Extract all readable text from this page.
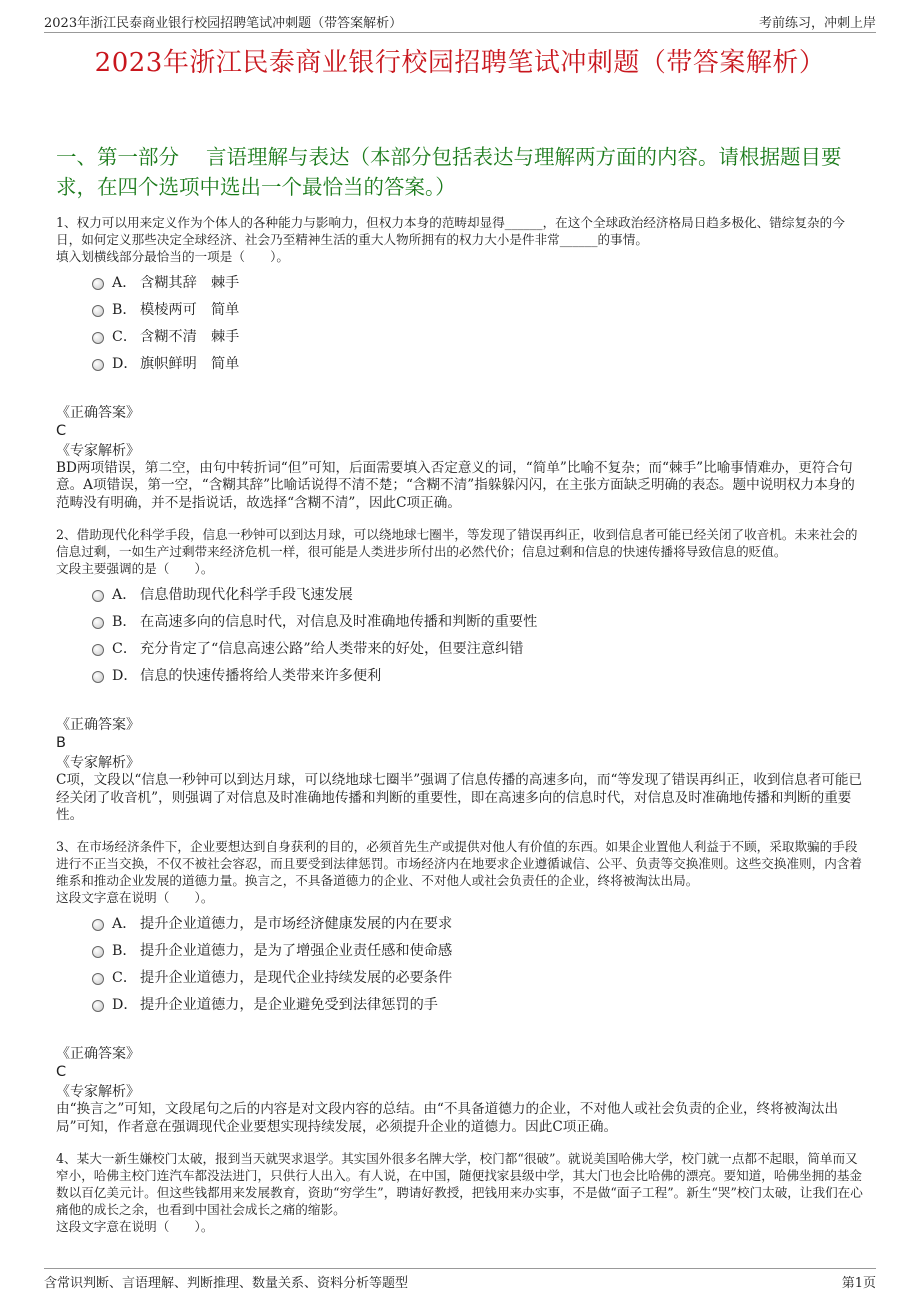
2023年浙江民泰商业银行校园招聘笔试冲刺题（带答案解析）	考前练习，冲刺上岸
2023年浙江民泰商业银行校园招聘笔试冲刺题（带答案解析）
一、第一部分　 言语理解与表达（本部分包括表达与理解两方面的内容。请根据题目要求，在四个选项中选出一个最恰当的答案。）

1、权力可以用来定义作为个体人的各种能力与影响力，但权力本身的范畴却显得______，在这个全球政治经济格局日趋多极化、错综复杂的今日，如何定义那些决定全球经济、社会乃至精神生活的重大人物所拥有的权力大小是件非常______的事情。

填入划横线部分最恰当的一项是（　　）。

A． 含糊其辞　棘手
B． 模棱两可　简单
C． 含糊不清　棘手
D． 旗帜鲜明　简单

《正确答案》

C

《专家解析》

BD两项错误，第二空，由句中转折词“但”可知，后面需要填入否定意义的词，“简单”比喻不复杂；而“棘手”比喻事情难办，更符合句意。A项错误，第一空，“含糊其辞”比喻话说得不清不楚；“含糊不清”指躲躲闪闪，在主张方面缺乏明确的表态。题中说明权力本身的范畴没有明确，并不是指说话，故选择“含糊不清”，因此C项正确。

2、借助现代化科学手段，信息一秒钟可以到达月球，可以绕地球七圈半，等发现了错误再纠正，收到信息者可能已经关闭了收音机。未来社会的信息过剩，一如生产过剩带来经济危机一样，很可能是人类进步所付出的必然代价；信息过剩和信息的快速传播将导致信息的贬值。

文段主要强调的是（　　）。

A． 信息借助现代化科学手段飞速发展
B． 在高速多向的信息时代，对信息及时准确地传播和判断的重要性
C． 充分肯定了“信息高速公路”给人类带来的好处，但要注意纠错
D． 信息的快速传播将给人类带来许多便利

《正确答案》

B

《专家解析》

C项，文段以“信息一秒钟可以到达月球，可以绕地球七圈半”强调了信息传播的高速多向，而“等发现了错误再纠正，收到信息者可能已经关闭了收音机”，则强调了对信息及时准确地传播和判断的重要性，即在高速多向的信息时代，对信息及时准确地传播和判断的重要性。

3、在市场经济条件下，企业要想达到自身获利的目的，必须首先生产或提供对他人有价值的东西。如果企业置他人利益于不顾，采取欺骗的手段进行不正当交换，不仅不被社会容忍，而且要受到法律惩罚。市场经济内在地要求企业遵循诚信、公平、负责等交换准则。这些交换准则，内含着维系和推动企业发展的道德力量。换言之，不具备道德力的企业、不对他人或社会负责任的企业，终将被淘汰出局。

这段文字意在说明（　　）。

A． 提升企业道德力，是市场经济健康发展的内在要求
B． 提升企业道德力，是为了增强企业责任感和使命感
C． 提升企业道德力，是现代企业持续发展的必要条件
D． 提升企业道德力，是企业避免受到法律惩罚的手

《正确答案》

C

《专家解析》

由“换言之”可知，文段尾句之后的内容是对文段内容的总结。由“不具备道德力的企业，不对他人或社会负责的企业，终将被淘汰出局”可知，作者意在强调现代企业要想实现持续发展，必须提升企业的道德力。因此C项正确。

4、某大一新生嫌校门太破，报到当天就哭求退学。其实国外很多名牌大学，校门都“很破”。就说美国哈佛大学，校门就一点都不起眼，简单而又窄小，哈佛主校门连汽车都没法进门，只供行人出入。有人说，在中国，随便找家县级中学，其大门也会比哈佛的漂亮。要知道，哈佛坐拥的基金数以百亿美元计。但这些钱都用来发展教育，资助“穷学生”，聘请好教授，把钱用来办实事，不是做“面子工程”。新生“哭”校门太破，让我们在心痛他的成长之余，也看到中国社会成长之痛的缩影。

这段文字意在说明（　　）。

含常识判断、言语理解、判断推理、数量关系、资料分析等题型	第1页
